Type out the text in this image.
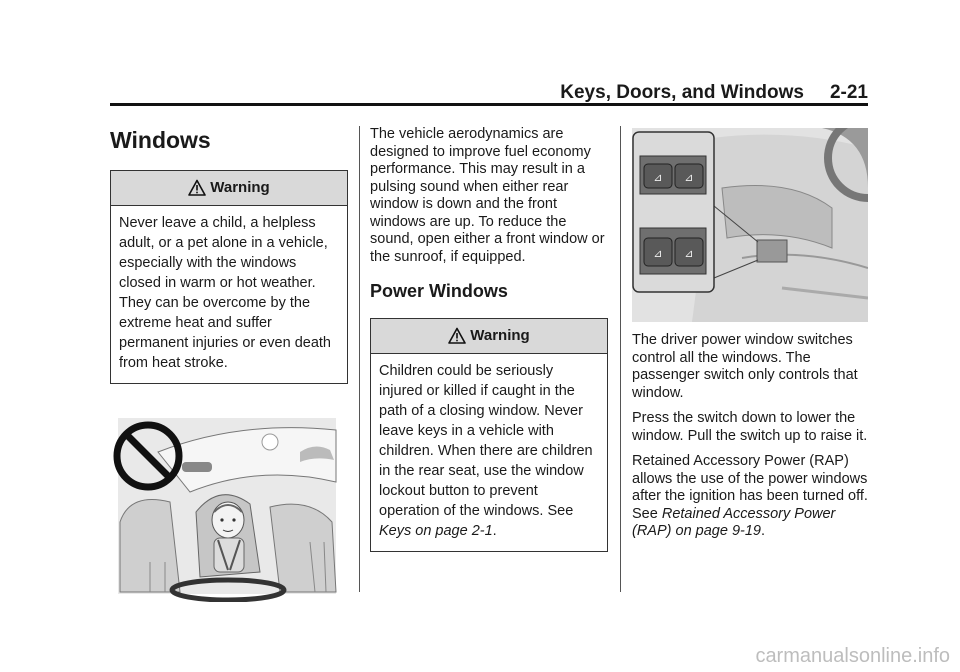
Keys, Doors, and Windows 2-21
Windows
Warning
Never leave a child, a helpless adult, or a pet alone in a vehicle, especially with the windows closed in warm or hot weather. They can be overcome by the extreme heat and suffer permanent injuries or even death from heat stroke.

The vehicle aerodynamics are designed to improve fuel economy performance. This may result in a pulsing sound when either rear window is down and the front windows are up. To reduce the sound, open either a front window or the sunroof, if equipped.

Power Windows
Warning
Children could be seriously injured or killed if caught in the path of a closing window. Never leave keys in a vehicle with children. When there are children in the rear seat, use the window lockout button to prevent operation of the windows. See Keys on page 2-1.
⊿ ⊿
⊿ ⊿

The driver power window switches control all the windows. The passenger switch only controls that window.

Press the switch down to lower the window. Pull the switch up to raise it.

Retained Accessory Power (RAP) allows the use of the power windows after the ignition has been turned off. See Retained Accessory Power (RAP) on page 9-19.

carmanualsonline.info
